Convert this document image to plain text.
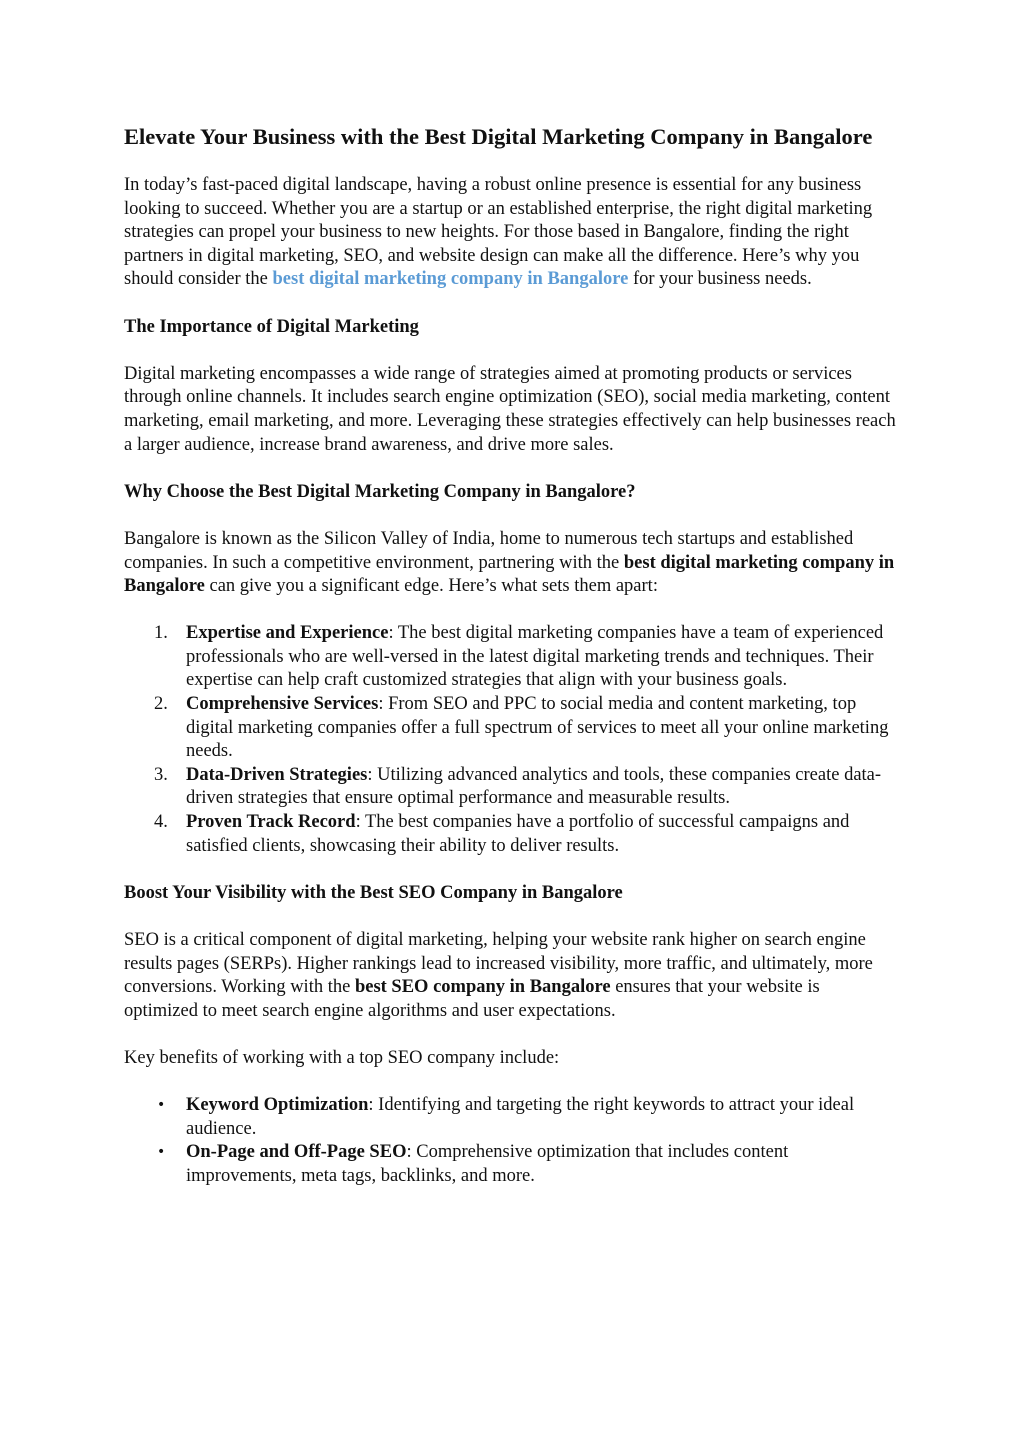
Elevate Your Business with the Best Digital Marketing Company in Bangalore

In today’s fast-paced digital landscape, having a robust online presence is essential for any business looking to succeed. Whether you are a startup or an established enterprise, the right digital marketing strategies can propel your business to new heights. For those based in Bangalore, finding the right partners in digital marketing, SEO, and website design can make all the difference. Here’s why you should consider the best digital marketing company in Bangalore for your business needs.

The Importance of Digital Marketing

Digital marketing encompasses a wide range of strategies aimed at promoting products or services through online channels. It includes search engine optimization (SEO), social media marketing, content marketing, email marketing, and more. Leveraging these strategies effectively can help businesses reach a larger audience, increase brand awareness, and drive more sales.

Why Choose the Best Digital Marketing Company in Bangalore?

Bangalore is known as the Silicon Valley of India, home to numerous tech startups and established companies. In such a competitive environment, partnering with the best digital marketing company in Bangalore can give you a significant edge. Here’s what sets them apart:

1. Expertise and Experience: The best digital marketing companies have a team of experienced professionals who are well-versed in the latest digital marketing trends and techniques. Their expertise can help craft customized strategies that align with your business goals.
2. Comprehensive Services: From SEO and PPC to social media and content marketing, top digital marketing companies offer a full spectrum of services to meet all your online marketing needs.
3. Data-Driven Strategies: Utilizing advanced analytics and tools, these companies create data-driven strategies that ensure optimal performance and measurable results.
4. Proven Track Record: The best companies have a portfolio of successful campaigns and satisfied clients, showcasing their ability to deliver results.
Boost Your Visibility with the Best SEO Company in Bangalore

SEO is a critical component of digital marketing, helping your website rank higher on search engine results pages (SERPs). Higher rankings lead to increased visibility, more traffic, and ultimately, more conversions. Working with the best SEO company in Bangalore ensures that your website is optimized to meet search engine algorithms and user expectations.

Key benefits of working with a top SEO company include:

• Keyword Optimization: Identifying and targeting the right keywords to attract your ideal audience.
• On-Page and Off-Page SEO: Comprehensive optimization that includes content improvements, meta tags, backlinks, and more.
